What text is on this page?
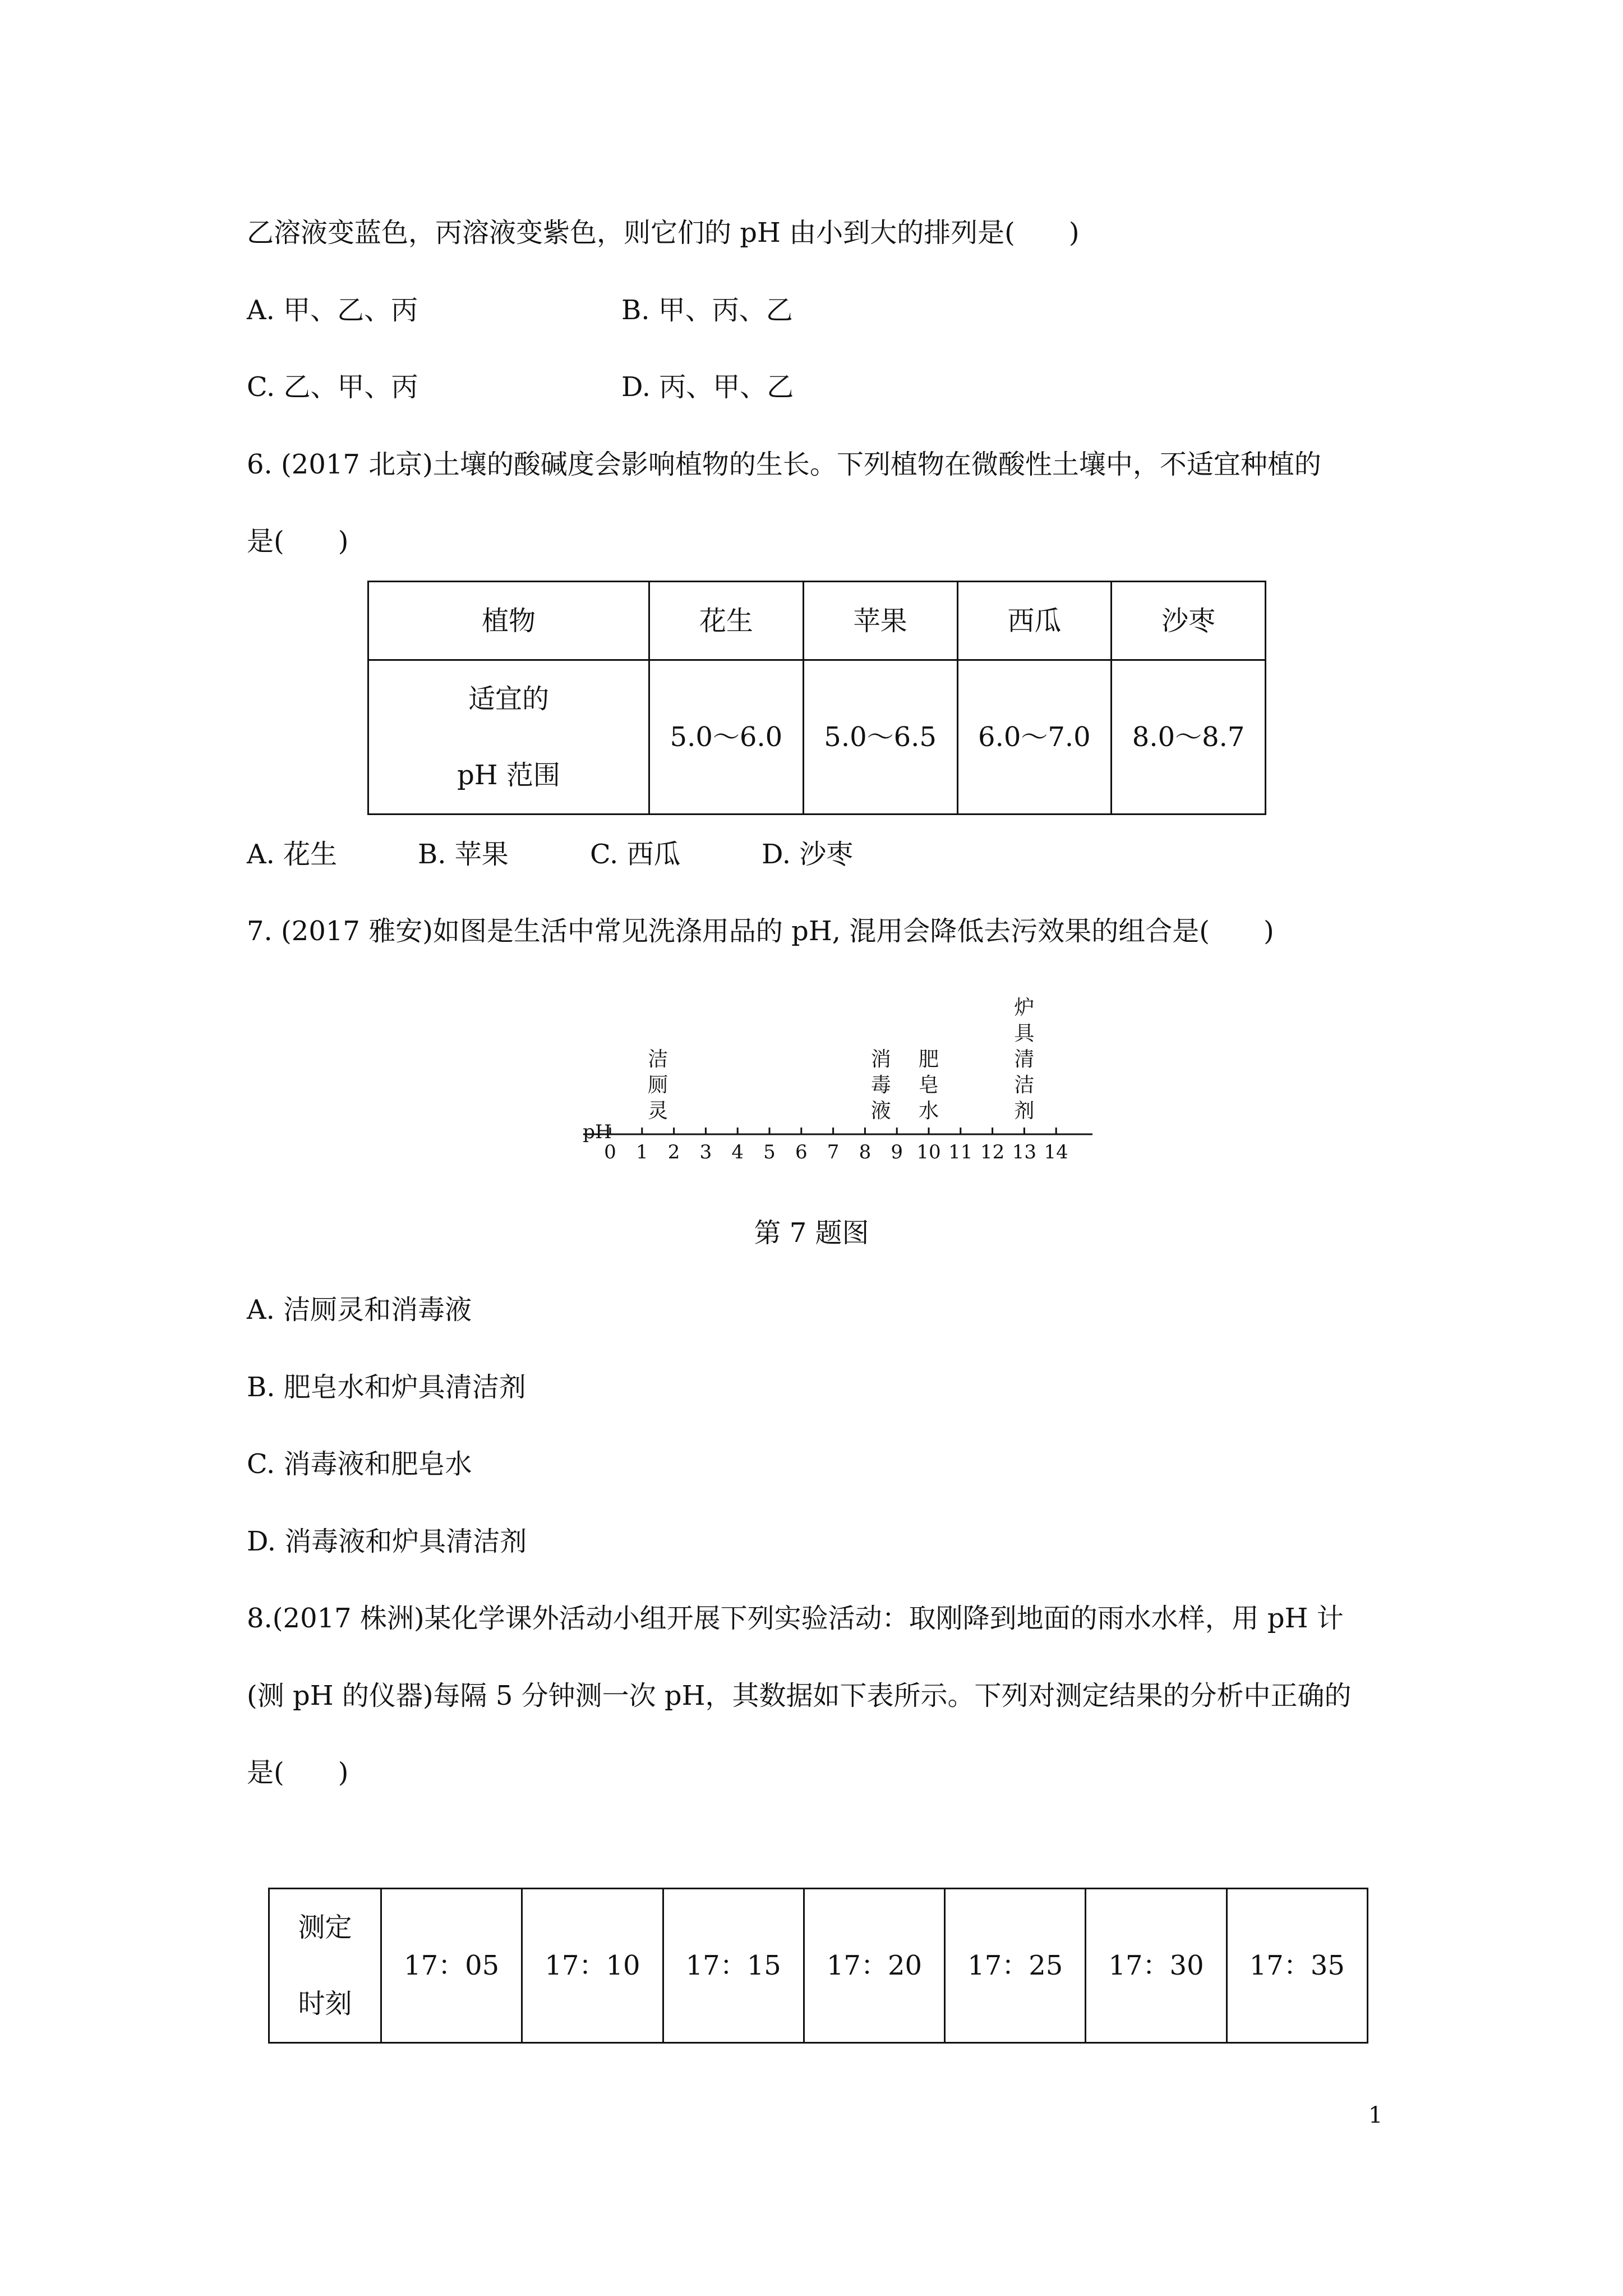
乙溶液变蓝色，丙溶液变紫色，则它们的 pH 由小到大的排列是(　　)

A. 甲、乙、丙	B. 甲、丙、乙
C. 乙、甲、丙	D. 丙、甲、乙

6. (2017 北京)土壤的酸碱度会影响植物的生长。下列植物在微酸性土壤中，不适宜种植的

是(　　)

植物	花生	苹果	西瓜	沙枣

适宜的
pH 范围	5.0～6.0	5.0～6.5	6.0～7.0	8.0～8.7
A. 花生	B. 苹果	C. 西瓜	D. 沙枣

7. (2017 雅安)如图是生活中常见洗涤用品的 pH, 混用会降低去污效果的组合是(　　)

pH
0	1	2	3	4	5	6	7	8	9 10 11 12 13 14
洁
厕
灵
消
毒
液
肥
皂
水
炉
具
清
洁
剂
第 7 题图
A. 洁厕灵和消毒液
B. 肥皂水和炉具清洁剂
C. 消毒液和肥皂水
D. 消毒液和炉具清洁剂

8.(2017 株洲)某化学课外活动小组开展下列实验活动：取刚降到地面的雨水水样，用 pH 计

(测 pH 的仪器)每隔 5 分钟测一次 pH，其数据如下表所示。下列对测定结果的分析中正确的

是(　　)

测定
时刻
	17：05	17：10	17：15	17：20	17：25	17：30	17：35
1
